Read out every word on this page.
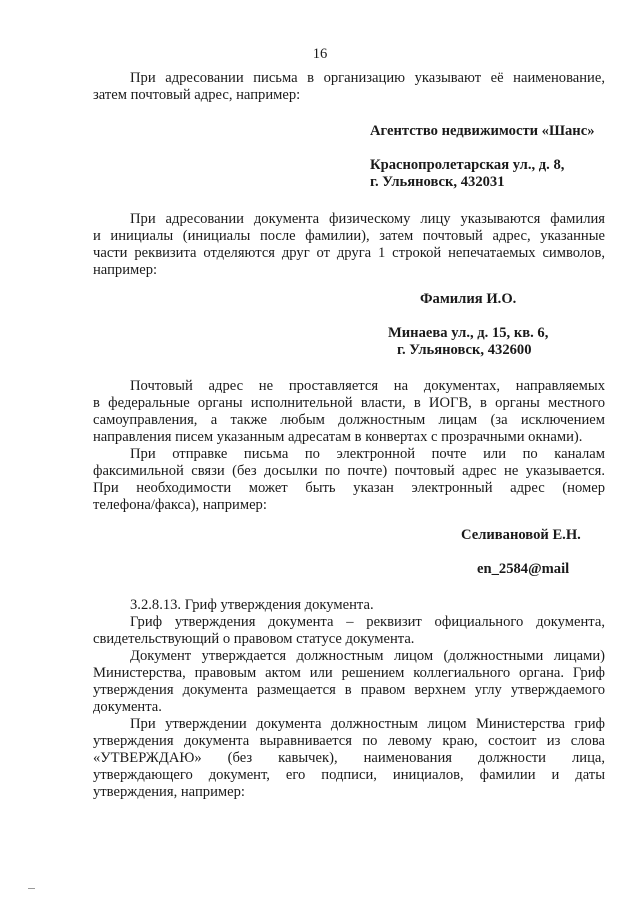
16
При адресовании письма в организацию указывают её наименование,
затем почтовый адрес, например:
Агентство недвижимости «Шанс»
Краснопролетарская ул., д. 8,
г. Ульяновск, 432031
При адресовании документа физическому лицу указываются фамилия
и инициалы (инициалы после фамилии), затем почтовый адрес, указанные
части реквизита отделяются друг от друга 1 строкой непечатаемых символов,
например:
Фамилия И.О.
Минаева ул., д. 15, кв. 6,
г. Ульяновск, 432600
Почтовый адрес не проставляется на документах, направляемых
в федеральные органы исполнительной власти, в ИОГВ, в органы местного
самоуправления, а также любым должностным лицам (за исключением
направления писем указанным адресатам в конвертах с прозрачными окнами).
При отправке письма по электронной почте или по каналам
факсимильной связи (без досылки по почте) почтовый адрес не указывается.
При необходимости может быть указан электронный адрес (номер
телефона/факса), например:
Селивановой Е.Н.
en_2584@mail
3.2.8.13. Гриф утверждения документа.
Гриф утверждения документа – реквизит официального документа,
свидетельствующий о правовом статусе документа.
Документ утверждается должностным лицом (должностными лицами)
Министерства, правовым актом или решением коллегиального органа. Гриф
утверждения документа размещается в правом верхнем углу утверждаемого
документа.
При утверждении документа должностным лицом Министерства гриф
утверждения документа выравнивается по левому краю, состоит из слова
«УТВЕРЖДАЮ» (без кавычек), наименования должности лица,
утверждающего документ, его подписи, инициалов, фамилии и даты
утверждения, например:
